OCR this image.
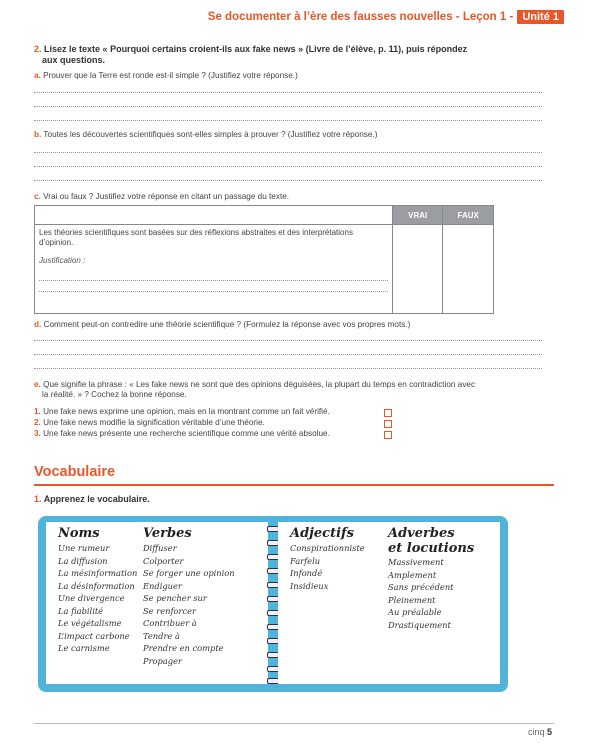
Se documenter à l’ère des fausses nouvelles - Leçon 1 - Unité 1
2. Lisez le texte « Pourquoi certains croient-ils aux fake news » (Livre de l’élève, p. 11), puis répondez
aux questions.
a. Prouver que la Terre est ronde est-il simple ? (Justifiez votre réponse.)
b. Toutes les découvertes scientifiques sont-elles simples à prouver ? (Justifiez votre réponse.)
c. Vrai ou faux ? Justifiez votre réponse en citant un passage du texte.
	VRAI	FAUX

Les théories scientifiques sont basées sur des réflexions abstraites et des interprétations d’opinion.
Justification :		

d. Comment peut-on contredire une théorie scientifique ? (Formulez la réponse avec vos propres mots.)
e. Que signifie la phrase : « Les fake news ne sont que des opinions déguisées, la plupart du temps en contradiction avec
la réalité. » ? Cochez la bonne réponse.
1. Une fake news exprime une opinion, mais en la montrant comme un fait vérifié.
2. Une fake news modifie la signification véritable d’une théorie.
3. Une fake news présente une recherche scientifique comme une vérité absolue.
Vocabulaire
1. Apprenez le vocabulaire.
Noms
Une rumeur
La diffusion
La mésinformation
La désinformation
Une divergence
La fiabilité
Le végétalisme
L’impact carbone
Le carnisme
Verbes
Diffuser
Colporter
Se forger une opinion
Endiguer
Se pencher sur
Se renforcer
Contribuer à
Tendre à
Prendre en compte
Propager
Adjectifs
Conspirationniste
Farfelu
Infondé
Insidieux
Adverbes
et locutions
Massivement
Amplement
Sans précédent
Pleinement
Au préalable
Drastiquement
cinq 5
